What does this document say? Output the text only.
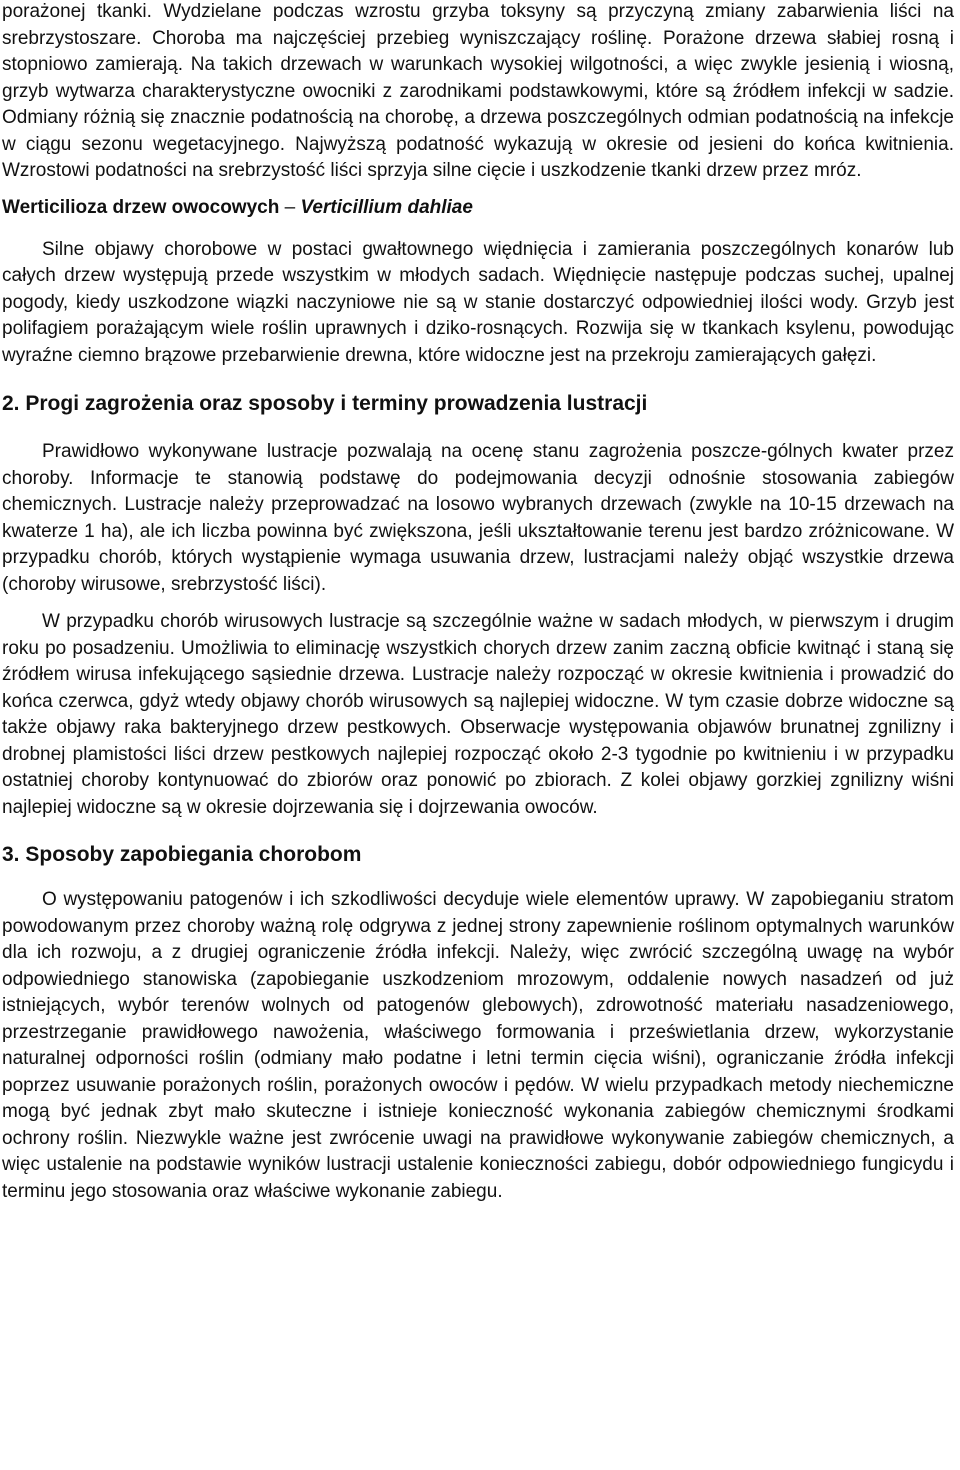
porażonej tkanki. Wydzielane podczas wzrostu grzyba toksyny są przyczyną zmiany zabarwienia liści na srebrzystoszare. Choroba ma najczęściej przebieg wyniszczający roślinę. Porażone drzewa słabiej rosną i stopniowo zamierają. Na takich drzewach w warunkach wysokiej wilgotności, a więc zwykle jesienią i wiosną, grzyb wytwarza charakterystyczne owocniki z zarodnikami podstawkowymi, które są źródłem infekcji w sadzie. Odmiany różnią się znacznie podatnością na chorobę, a drzewa poszczególnych odmian podatnością na infekcje w ciągu sezonu wegetacyjnego. Najwyższą podatność wykazują w okresie od jesieni do końca kwitnienia. Wzrostowi podatności na srebrzystość liści sprzyja silne cięcie i uszkodzenie tkanki drzew przez mróz.

Werticilioza drzew owocowych – Verticillium dahliae

Silne objawy chorobowe w postaci gwałtownego więdnięcia i zamierania poszczególnych konarów lub całych drzew występują przede wszystkim w młodych sadach. Więdnięcie następuje podczas suchej, upalnej pogody, kiedy uszkodzone wiązki naczyniowe nie są w stanie dostarczyć odpowiedniej ilości wody. Grzyb jest polifagiem porażającym wiele roślin uprawnych i dziko-rosnących. Rozwija się w tkankach ksylenu, powodując wyraźne ciemno brązowe przebarwienie drewna, które widoczne jest na przekroju zamierających gałęzi.

2. Progi zagrożenia oraz sposoby i terminy prowadzenia lustracji

Prawidłowo wykonywane lustracje pozwalają na ocenę stanu zagrożenia poszcze-gólnych kwater przez choroby. Informacje te stanowią podstawę do podejmowania decyzji odnośnie stosowania zabiegów chemicznych. Lustracje należy przeprowadzać na losowo wybranych drzewach (zwykle na 10-15 drzewach na kwaterze 1 ha), ale ich liczba powinna być zwiększona, jeśli ukształtowanie terenu jest bardzo zróżnicowane. W przypadku chorób, których wystąpienie wymaga usuwania drzew, lustracjami należy objąć wszystkie drzewa (choroby wirusowe, srebrzystość liści).

W przypadku chorób wirusowych lustracje są szczególnie ważne w sadach młodych, w pierwszym i drugim roku po posadzeniu. Umożliwia to eliminację wszystkich chorych drzew zanim zaczną obficie kwitnąć i staną się źródłem wirusa infekującego sąsiednie drzewa. Lustracje należy rozpocząć w okresie kwitnienia i prowadzić do końca czerwca, gdyż wtedy objawy chorób wirusowych są najlepiej widoczne. W tym czasie dobrze widoczne są także objawy raka bakteryjnego drzew pestkowych. Obserwacje występowania objawów brunatnej zgnilizny i drobnej plamistości liści drzew pestkowych najlepiej rozpocząć około 2-3 tygodnie po kwitnieniu i w przypadku ostatniej choroby kontynuować do zbiorów oraz ponowić po zbiorach. Z kolei objawy gorzkiej zgnilizny wiśni najlepiej widoczne są w okresie dojrzewania się i dojrzewania owoców.

3. Sposoby zapobiegania chorobom

O występowaniu patogenów i ich szkodliwości decyduje wiele elementów uprawy. W zapobieganiu stratom powodowanym przez choroby ważną rolę odgrywa z jednej strony zapewnienie roślinom optymalnych warunków dla ich rozwoju, a z drugiej ograniczenie źródła infekcji. Należy, więc zwrócić szczególną uwagę na wybór odpowiedniego stanowiska (zapobieganie uszkodzeniom mrozowym, oddalenie nowych nasadzeń od już istniejących, wybór terenów wolnych od patogenów glebowych), zdrowotność materiału nasadzeniowego, przestrzeganie prawidłowego nawożenia, właściwego formowania i prześwietlania drzew, wykorzystanie naturalnej odporności roślin (odmiany mało podatne i letni termin cięcia wiśni), ograniczanie źródła infekcji poprzez usuwanie porażonych roślin, porażonych owoców i pędów. W wielu przypadkach metody niechemiczne mogą być jednak zbyt mało skuteczne i istnieje konieczność wykonania zabiegów chemicznymi środkami ochrony roślin. Niezwykle ważne jest zwrócenie uwagi na prawidłowe wykonywanie zabiegów chemicznych, a więc ustalenie na podstawie wyników lustracji ustalenie konieczności zabiegu, dobór odpowiedniego fungicydu i terminu jego stosowania oraz właściwe wykonanie zabiegu.
